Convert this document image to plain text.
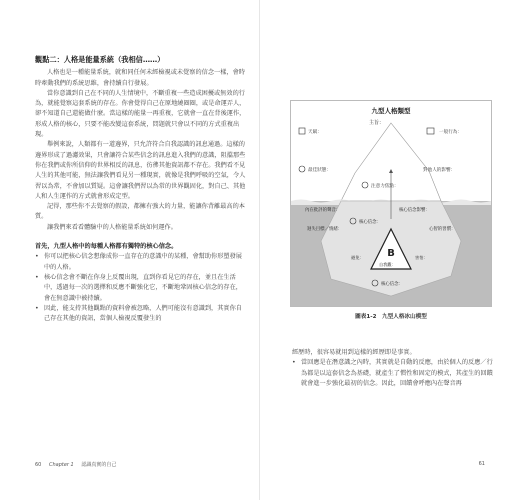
觀點二：人格是能量系統（我相信……）

人格也是一種能量系統，就和同任何未經檢視或未覺察的信念一樣，會時時牽動我們的系統思維，會持續自行發展。

當你意識到自己在不同的人生情境中，不斷重複一些造成困擾或無效的行為，就能覺察這套系統的存在。你會覺得自己在原地繞圈圈，或是命運弄人，卻不知道自己還能做什麼。當這樣的能量一再重複，它就會一直在背後運作，形成人格的核心，只要不能改變這套系統，問題就只會以不同的方式重複出現。

舉例來說，人類都有一道邊界，只允許符合自我認識的訊息通過。這樣的邊界形成了過濾效果，只會讓符合某些信念的訊息進入我們的意識，阻擋那些你在我們或你所信仰的世界相反的訊息，彷彿其他資訊都不存在。我們看不見人生的其他可能，無法讓我們看見另一種現實，就像是我們呼吸的空氣，令人習以為常，不會加以質疑。這會讓我們習以為常的世界觀固化，對自己、其他人和人生運作的方式就會形成定型。

記得，那些你不去覺察的假設，都擁有強大的力量，能讓你背離最高的本質。

讓我們來看看體驗中的人格能量系統如何運作。

首先，九型人格中的每種人格都有獨特的核心信念。

• 你可以把核心信念想像成你一直存在的意識中的某種，會幫助你形塑發展中的人格。

• 核心信念會不斷在你身上反覆出現，直到你看見它的存在，並且在生活中，透過每一次的選擇和反應不斷強化它，不斷地鞏固核心信念的存在，會在無意識中被持續。

• 因此，能支持其他觀點的資料會被忽略，人們可能沒有意識到，其實你自己存在其他的資訊，當個人檢視反覆發生的

60 Chapter 1 認識真實的自己
九型人格類型
主旨：
B
天賦：	一般行為：
最佳狀態：	對他人的影響：
注意力焦點：
內在批評的聲音：	核心信念影響：
核心信念：
心智的習慣：
迴失目標／情緒：
自我觀：
避免：	害怕：
核心信念：
圖表1-2　九型人格冰山模型

經歷時，很容易就用到這樣的經歷即是事實。

• 當回應是在潛意識之內時，其實就是自動的反應，由於個人的反應／行為都是以這套信念為基礎，就產生了慣性和固定的模式，其產生的回饋就會進一步強化最初的信念。因此，回饋會呼應內在聲音再

61
